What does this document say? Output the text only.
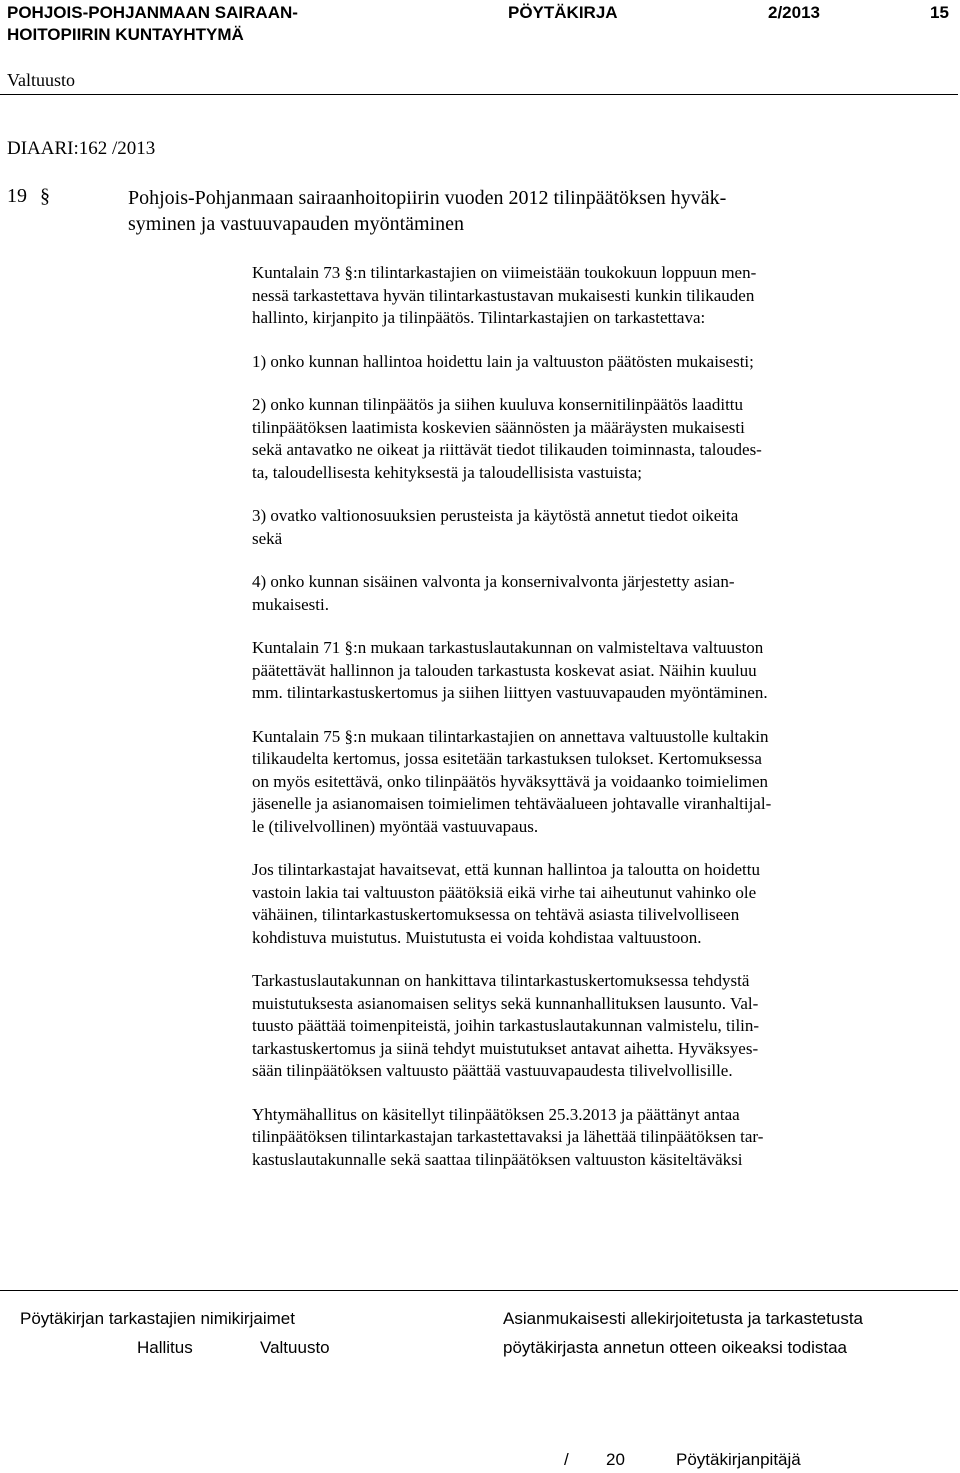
POHJOIS-POHJANMAAN SAIRAAN-
HOITOPIIRIN KUNTAYHTYMÄ
PÖYTÄKIRJA	2/2013	15
Valtuusto
DIAARI:162 /2013
19 §	Pohjois-Pohjanmaan sairaanhoitopiirin vuoden 2012 tilinpäätöksen hyväk-
syminen ja vastuuvapauden myöntäminen
Kuntalain 73 §:n tilintarkastajien on viimeistään toukokuun loppuun men-
nessä tarkastettava hyvän tilintarkastustavan mukaisesti kunkin tilikauden
hallinto, kirjanpito ja tilinpäätös. Tilintarkastajien on tarkastettava:
1) onko kunnan hallintoa hoidettu lain ja valtuuston päätösten mukaisesti;
2) onko kunnan tilinpäätös ja siihen kuuluva konsernitilinpäätös laadittu
tilinpäätöksen laatimista koskevien säännösten ja määräysten mukaisesti
sekä antavatko ne oikeat ja riittävät tiedot tilikauden toiminnasta, taloudes-
ta, taloudellisesta kehityksestä ja taloudellisista vastuista;
3) ovatko valtionosuuksien perusteista ja käytöstä annetut tiedot oikeita
sekä
4) onko kunnan sisäinen valvonta ja konsernivalvonta järjestetty asian-
mukaisesti.
Kuntalain 71 §:n mukaan tarkastuslautakunnan on valmisteltava valtuuston
päätettävät hallinnon ja talouden tarkastusta koskevat asiat. Näihin kuuluu
mm. tilintarkastuskertomus ja siihen liittyen vastuuvapauden myöntäminen.
Kuntalain 75 §:n mukaan tilintarkastajien on annettava valtuustolle kultakin
tilikaudelta kertomus, jossa esitetään tarkastuksen tulokset. Kertomuksessa
on myös esitettävä, onko tilinpäätös hyväksyttävä ja voidaanko toimielimen
jäsenelle ja asianomaisen toimielimen tehtäväalueen johtavalle viranhaltijal-
le (tilivelvollinen) myöntää vastuuvapaus.
Jos tilintarkastajat havaitsevat, että kunnan hallintoa ja taloutta on hoidettu
vastoin lakia tai valtuuston päätöksiä eikä virhe tai aiheutunut vahinko ole
vähäinen, tilintarkastuskertomuksessa on tehtävä asiasta tilivelvolliseen
kohdistuva muistutus. Muistutusta ei voida kohdistaa valtuustoon.
Tarkastuslautakunnan on hankittava tilintarkastuskertomuksessa tehdystä
muistutuksesta asianomaisen selitys sekä kunnanhallituksen lausunto. Val-
tuusto päättää toimenpiteistä, joihin tarkastuslautakunnan valmistelu, tilin-
tarkastuskertomus ja siinä tehdyt muistutukset antavat aihetta. Hyväksyes-
sään tilinpäätöksen valtuusto päättää vastuuvapaudesta tilivelvollisille.
Yhtymähallitus on käsitellyt tilinpäätöksen 25.3.2013 ja päättänyt antaa
tilinpäätöksen tilintarkastajan tarkastettavaksi ja lähettää tilinpäätöksen tar-
kastuslautakunnalle sekä saattaa tilinpäätöksen valtuuston käsiteltäväksi
Pöytäkirjan tarkastajien nimikirjaimet
Hallitus	Valtuusto
Asianmukaisesti allekirjoitetusta ja tarkastetusta
pöytäkirjasta annetun otteen oikeaksi todistaa
/ 20	Pöytäkirjanpitäjä
